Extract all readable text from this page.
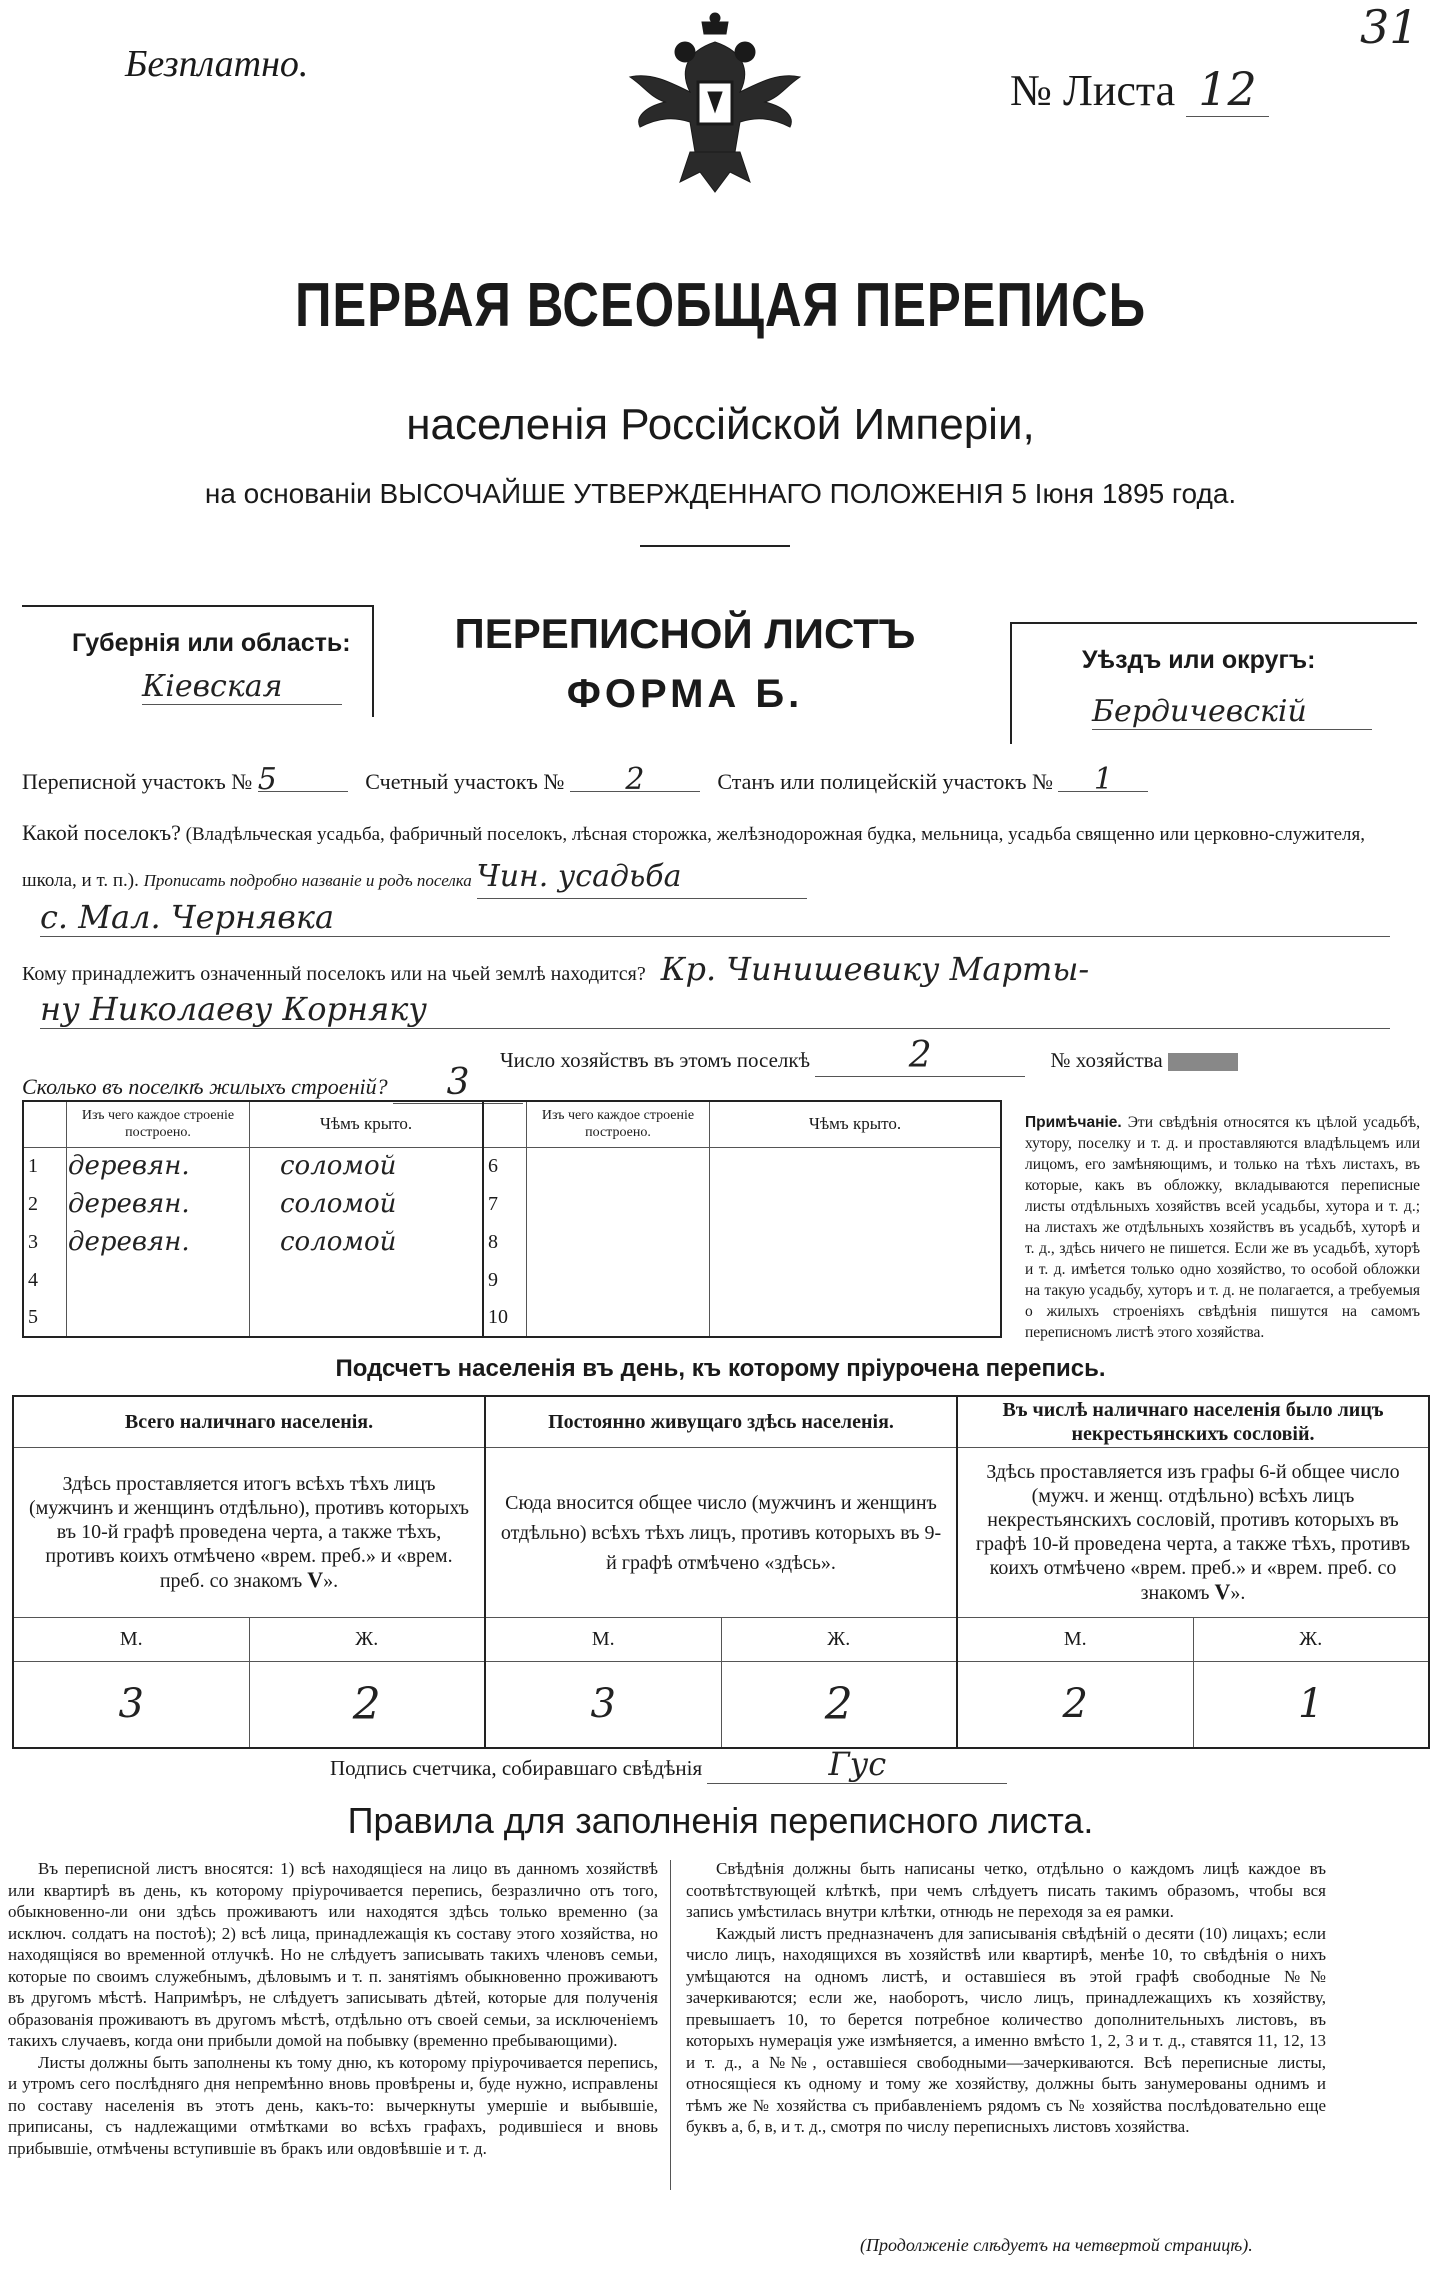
Безплатно.
№ Листа 12
31
ПЕРВАЯ ВСЕОБЩАЯ ПЕРЕПИСЬ
населенія Россійской Имперіи,
на основаніи ВЫСОЧАЙШЕ УТВЕРЖДЕННАГО ПОЛОЖЕНІЯ 5 Іюня 1895 года.
Губернія или область:
Кіевская
ПЕРЕПИСНОЙ ЛИСТЪ
ФОРМА Б.
Уѣздъ или округъ:
Бердичевскій
Переписной участокъ № 5	Счетный участокъ № 2	Станъ или полицейскій участокъ № 1
Какой поселокъ? (Владѣльческая усадьба, фабричный поселокъ, лѣсная сторожка, желѣзнодорожная будка, мельница, усадьба священно или церковно-служителя, школа, и т. п.). Прописать подробно названіе и родъ поселка Чин. усадьба
с. Мал. Чернявка
Кому принадлежитъ означенный поселокъ или на чьей землѣ находится? Кр. Чинишевику Марты-
ну Николаеву Корняку
Число хозяйствъ въ этомъ поселкѣ	2	№ хозяйства
Сколько въ поселкѣ жилыхъ строеній? 3
	Изъ чего каждое строеніе построено.	Чѣмъ крыто.		Изъ чего каждое строеніе построено.	Чѣмъ крыто.
1	деревян.	соломой	6		
2	деревян.	соломой	7		
3	деревян.	соломой	8		
4			9		
5			10		
Примѣчаніе. Эти свѣдѣнія относятся къ цѣлой усадьбѣ, хутору, поселку и т. д. и проставляются владѣльцемъ или лицомъ, его замѣняющимъ, и только на тѣхъ листахъ, въ которые, какъ въ обложку, вкладываются переписные листы отдѣльныхъ хозяйствъ всей усадьбы, хутора и т. д.; на листахъ же отдѣльныхъ хозяйствъ въ усадьбѣ, хуторѣ и т. д., здѣсь ничего не пишется. Если же въ усадьбѣ, хуторѣ и т. д. имѣется только одно хозяйство, то особой обложки на такую усадьбу, хуторъ и т. д. не полагается, а требуемыя о жилыхъ строеніяхъ свѣдѣнія пишутся на самомъ переписномъ листѣ этого хозяйства.
Подсчетъ населенія въ день, къ которому пріурочена перепись.
Всего наличнаго населенія.		Постоянно живущаго здѣсь населенія.		Въ числѣ наличнаго населенія было лицъ некрестьянскихъ сословій.	
Здѣсь проставляется итогъ всѣхъ тѣхъ лицъ (мужчинъ и женщинъ отдѣльно), противъ которыхъ въ 10-й графѣ проведена черта, а также тѣхъ, противъ коихъ отмѣчено «врем. преб.» и «врем. преб. со знакомъ V».		Сюда вносится общее число (мужчинъ и женщинъ отдѣльно) всѣхъ тѣхъ лицъ, противъ которыхъ въ 9-й графѣ отмѣчено «здѣсь».		Здѣсь проставляется изъ графы 6-й общее число (мужч. и женщ. отдѣльно) всѣхъ лицъ некрестьянскихъ сословій, противъ которыхъ въ графѣ 10-й проведена черта, а также тѣхъ, противъ коихъ отмѣчено «врем. преб.» и «врем. преб. со знакомъ V».	
М.	Ж.	М.	Ж.	М.	Ж.
3	2	3	2	2	1
Подпись счетчика, собиравшаго свѣдѣнія	Гус
Правила для заполненія переписного листа.

Въ переписной листъ вносятся: 1) всѣ находящіеся на лицо въ данномъ хозяйствѣ или квартирѣ въ день, къ которому пріурочивается перепись, безразлично отъ того, обыкновенно-ли они здѣсь проживаютъ или находятся здѣсь только временно (за исключ. солдатъ на постоѣ); 2) всѣ лица, принадлежащія къ составу этого хозяйства, но находящіяся во временной отлучкѣ. Но не слѣдуетъ записывать такихъ членовъ семьи, которые по своимъ служебнымъ, дѣловымъ и т. п. занятіямъ обыкновенно проживаютъ въ другомъ мѣстѣ. Напримѣръ, не слѣдуетъ записывать дѣтей, которые для полученія образованія проживаютъ въ другомъ мѣстѣ, отдѣльно отъ своей семьи, за исключеніемъ такихъ случаевъ, когда они прибыли домой на побывку (временно пребывающими).

Листы должны быть заполнены къ тому дню, къ которому пріурочивается перепись, и утромъ сего послѣдняго дня непремѣнно вновь провѣрены и, буде нужно, исправлены по составу населенія въ этотъ день, какъ-то: вычеркнуты умершіе и выбывшіе, приписаны, съ надлежащими отмѣтками во всѣхъ графахъ, родившіеся и вновь прибывшіе, отмѣчены вступившіе въ бракъ или овдовѣвшіе и т. д.

Свѣдѣнія должны быть написаны четко, отдѣльно о каждомъ лицѣ каждое въ соотвѣтствующей клѣткѣ, при чемъ слѣдуетъ писать такимъ образомъ, чтобы вся запись умѣстилась внутри клѣтки, отнюдь не переходя за ея рамки.

Каждый листъ предназначенъ для записыванія свѣдѣній о десяти (10) лицахъ; если число лицъ, находящихся въ хозяйствѣ или квартирѣ, менѣе 10, то свѣдѣнія о нихъ умѣщаются на одномъ листѣ, и оставшіеся въ этой графѣ свободные №№ зачеркиваются; если же, наоборотъ, число лицъ, принадлежащихъ къ хозяйству, превышаетъ 10, то берется потребное количество дополнительныхъ листовъ, въ которыхъ нумерація уже измѣняется, а именно вмѣсто 1, 2, 3 и т. д., ставятся 11, 12, 13 и т. д., а №№, оставшіеся свободными—зачеркиваются. Всѣ переписные листы, относящіеся къ одному и тому же хозяйству, должны быть занумерованы однимъ и тѣмъ же № хозяйства съ прибавленіемъ рядомъ съ № хозяйства послѣдовательно еще буквъ а, б, в, и т. д., смотря по числу переписныхъ листовъ хозяйства.

(Продолженіе слѣдуетъ на четвертой страницѣ).
